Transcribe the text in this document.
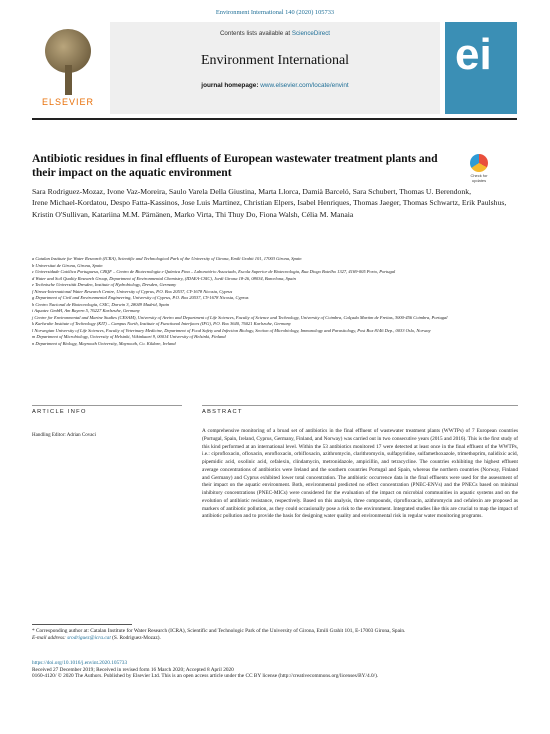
Environment International 140 (2020) 105733
ELSEVIER
Contents lists available at ScienceDirect
Environment International
journal homepage: www.elsevier.com/locate/envint
ei
Antibiotic residues in final effluents of European wastewater treatment plants and their impact on the aquatic environment	Check for updates
Sara Rodriguez-Mozaz, Ivone Vaz-Moreira, Saulo Varela Della Giustina, Marta Llorca, Damià Barceló, Sara Schubert, Thomas U. Berendonk, Irene Michael-Kordatou, Despo Fatta-Kassinos, Jose Luis Martinez, Christian Elpers, Isabel Henriques, Thomas Jaeger, Thomas Schwartz, Erik Paulshus, Kristin O'Sullivan, Katariina M.M. Pärnänen, Marko Virta, Thi Thuy Do, Fiona Walsh, Célia M. Manaia
a Catalan Institute for Water Research (ICRA), Scientific and Technological Park of the University of Girona, Emili Grahit 101, 17003 Girona, Spain
b Universitat de Girona, Girona, Spain
c Universidade Católica Portuguesa, CBQF – Centro de Biotecnologia e Química Fina – Laboratório Associado, Escola Superior de Biotecnologia, Rua Diogo Botelho 1327, 4169-005 Porto, Portugal
d Water and Soil Quality Research Group, Department of Environmental Chemistry, (IDAEA-CSIC), Jordi Girona 18-26, 08034, Barcelona, Spain
e Technische Universität Dresden, Institute of Hydrobiology, Dresden, Germany
f Nireas-International Water Research Centre, University of Cyprus, P.O. Box 20537, CY-1678 Nicosia, Cyprus
g Department of Civil and Environmental Engineering, University of Cyprus, P.O. Box 20537, CY-1678 Nicosia, Cyprus
h Centro Nacional de Biotecnología, CSIC, Darwin 3, 28049 Madrid, Spain
i Aquatec GmbH, Am Bayern 5, 76227 Karlsruhe, Germany
j Centre for Environmental and Marine Studies (CESAM), University of Aveiro and Department of Life Sciences, Faculty of Science and Technology, University of Coimbra, Calçada Martim de Freitas, 3000-456 Coimbra, Portugal
k Karlsruhe Institute of Technology (KIT) – Campus North, Institute of Functional Interfaces (IFG), P.O. Box 3640, 76021 Karlsruhe, Germany
l Norwegian University of Life Sciences, Faculty of Veterinary Medicine, Department of Food Safety and Infection Biology, Section of Microbiology, Immunology and Parasitology, Post Box 8146 Dep., 0033 Oslo, Norway
m Department of Microbiology, University of Helsinki, Viikinkaari 9, 00014 University of Helsinki, Finland
n Department of Biology, Maynooth University, Maynooth, Co. Kildare, Ireland
ARTICLE INFO	ABSTRACT
Handling Editor: Adrian Covaci
A comprehensive monitoring of a broad set of antibiotics in the final effluent of wastewater treatment plants (WWTPs) of 7 European countries (Portugal, Spain, Ireland, Cyprus, Germany, Finland, and Norway) was carried out in two consecutive years (2015 and 2016). This is the first study of this kind performed at an international level. Within the 53 antibiotics monitored 17 were detected at least once in the final effluent of the WWTPs, i.e.: ciprofloxacin, ofloxacin, enrofloxacin, orbifloxacin, azithromycin, clarithromycin, sulfapyridine, sulfamethoxazole, trimethoprim, nalidixic acid, pipemidic acid, oxolinic acid, cefalexin, clindamycin, metronidazole, ampicillin, and tetracycline. The countries exhibiting the highest effluent average concentrations of antibiotics were Ireland and the southern countries Portugal and Spain, whereas the northern countries (Norway, Finland and Germany) and Cyprus exhibited lower total concentration. The antibiotic occurrence data in the final effluents were used for the assessment of their impact on the aquatic environment. Both, environmental predicted no effect concentration (PNEC-ENVs) and the PNECs based on minimal inhibitory concentrations (PNEC-MICs) were considered for the evaluation of the impact on microbial communities in aquatic systems and on the evolution of antibiotic resistance, respectively. Based on this analysis, three compounds, ciprofloxacin, azithromycin and cefalexin are proposed as markers of antibiotic pollution, as they could occasionally pose a risk to the environment. Integrated studies like this are crucial to map the impact of antibiotic pollution and to provide the basis for designing water quality and environmental risk in regular water monitoring programs.
* Corresponding author at: Catalan Institute for Water Research (ICRA), Scientific and Technologic Park of the University of Girona, Emili Grahit 101, E-17003 Girona, Spain.
E-mail address: srodriguez@icra.cat (S. Rodriguez-Mozaz).
https://doi.org/10.1016/j.envint.2020.105733
Received 27 December 2019; Received in revised form 16 March 2020; Accepted 8 April 2020
0160-4120/ © 2020 The Authors. Published by Elsevier Ltd. This is an open access article under the CC BY license (http://creativecommons.org/licenses/BY/4.0/).
